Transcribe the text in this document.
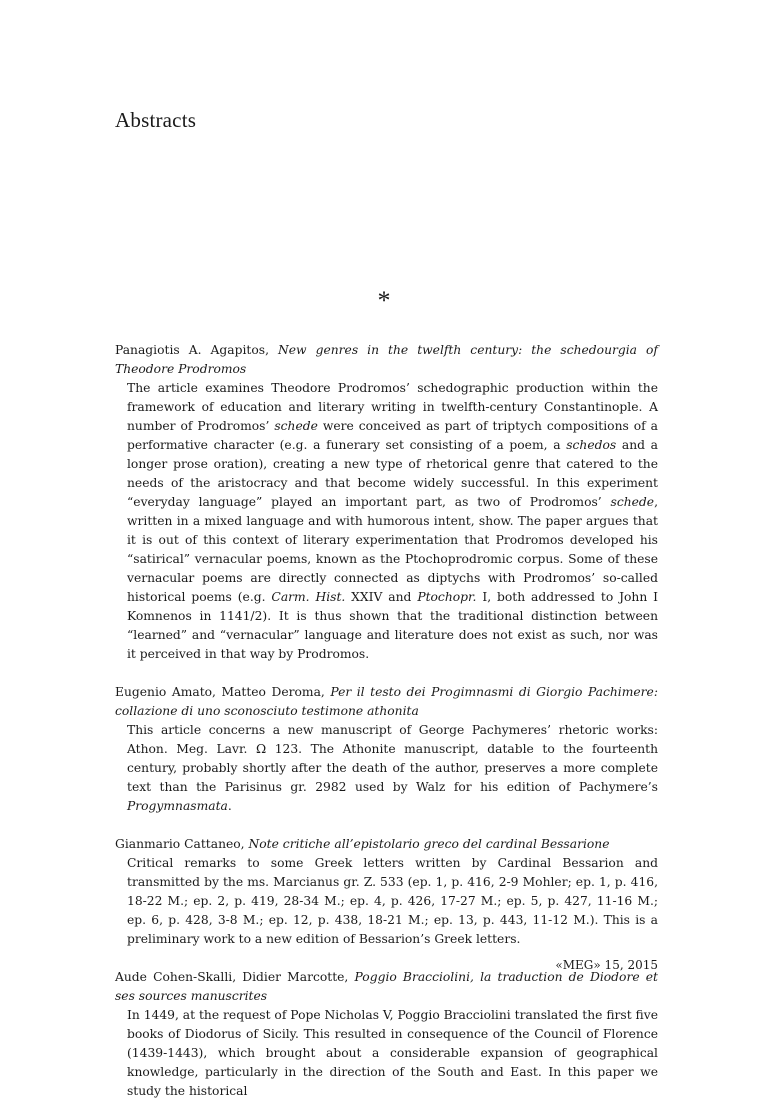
Abstracts
*
Panagiotis A. Agapitos, New genres in the twelfth century: the schedourgia of Theodore Prodromos
The article examines Theodore Prodromos’ schedographic production within the framework of education and literary writing in twelfth-century Constantinople. A number of Prodromos’ schede were conceived as part of triptych compositions of a performative character (e.g. a funerary set consisting of a poem, a schedos and a longer prose oration), creating a new type of rhetorical genre that catered to the needs of the aristocracy and that become widely successful. In this experiment “everyday language” played an important part, as two of Prodromos’ schede, written in a mixed language and with humorous intent, show. The paper argues that it is out of this context of literary experimentation that Prodromos developed his “satirical” vernacular poems, known as the Ptochoprodromic corpus. Some of these vernacular poems are directly connected as diptychs with Prodromos’ so-called historical poems (e.g. Carm. Hist. XXIV and Ptochopr. I, both addressed to John I Komnenos in 1141/2). It is thus shown that the traditional distinction between “learned” and “vernacular” language and literature does not exist as such, nor was it perceived in that way by Prodromos.
Eugenio Amato, Matteo Deroma, Per il testo dei Progimnasmi di Giorgio Pachimere: collazione di uno sconosciuto testimone athonita
This article concerns a new manuscript of George Pachymeres’ rhetoric works: Athon. Meg. Lavr. Ω 123. The Athonite manuscript, datable to the fourteenth century, probably shortly after the death of the author, preserves a more complete text than the Parisinus gr. 2982 used by Walz for his edition of Pachymere’s Progymnasmata.
Gianmario Cattaneo, Note critiche all’epistolario greco del cardinal Bessarione
Critical remarks to some Greek letters written by Cardinal Bessarion and transmitted by the ms. Marcianus gr. Z. 533 (ep. 1, p. 416, 2-9 Mohler; ep. 1, p. 416, 18-22 M.; ep. 2, p. 419, 28-34 M.; ep. 4, p. 426, 17-27 M.; ep. 5, p. 427, 11-16 M.; ep. 6, p. 428, 3-8 M.; ep. 12, p. 438, 18-21 M.; ep. 13, p. 443, 11-12 M.). This is a preliminary work to a new edition of Bessarion’s Greek letters.
Aude Cohen-Skalli, Didier Marcotte, Poggio Bracciolini, la traduction de Diodore et ses sources manuscrites
In 1449, at the request of Pope Nicholas V, Poggio Bracciolini translated the first five books of Diodorus of Sicily. This resulted in consequence of the Council of Florence (1439-1443), which brought about a considerable expansion of geographical knowledge, particularly in the direction of the South and East. In this paper we study the historical
«MEG» 15, 2015
